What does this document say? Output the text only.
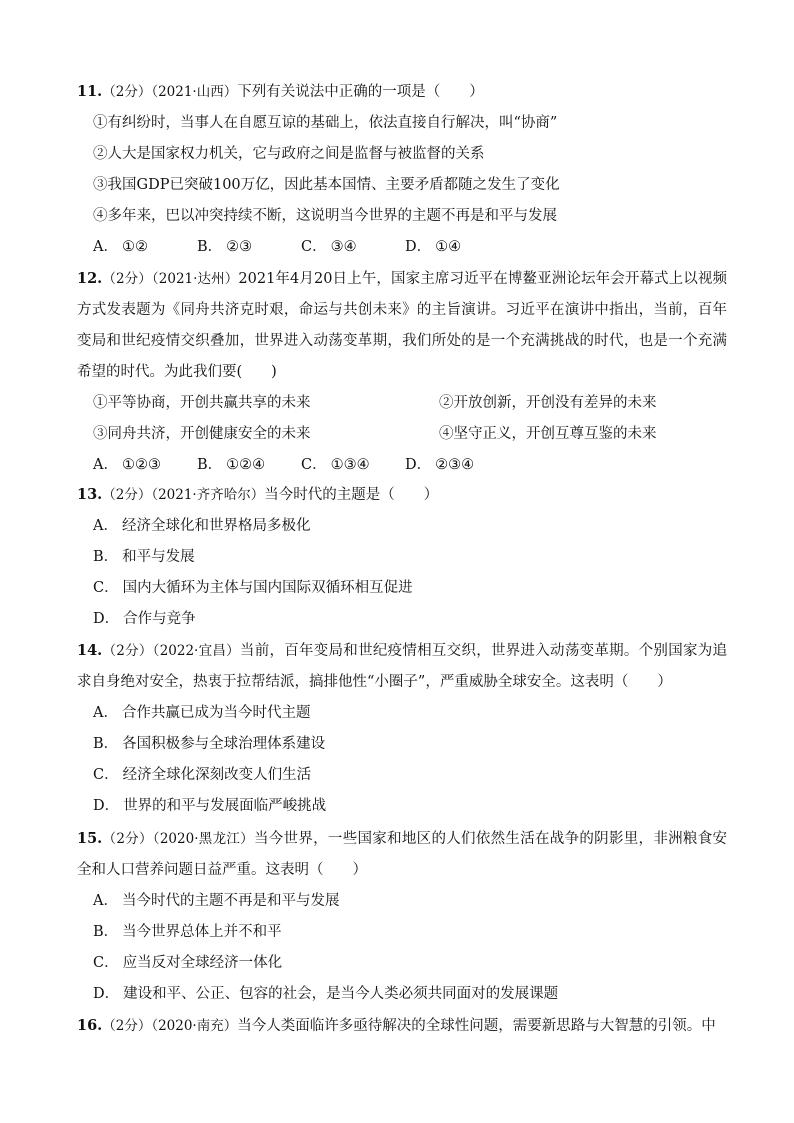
11.（2分）（2021·山西）下列有关说法中正确的一项是（　　）
①有纠纷时，当事人在自愿互谅的基础上，依法直接自行解决，叫“协商”
②人大是国家权力机关，它与政府之间是监督与被监督的关系
③我国GDP已突破100万亿，因此基本国情、主要矛盾都随之发生了变化
④多年来，巴以冲突持续不断，这说明当今世界的主题不再是和平与发展
A． ①②	B． ②③	C． ③④	D． ①④
12.（2分）（2021·达州）2021年4月20日上午，国家主席习近平在博鳌亚洲论坛年会开幕式上以视频方式发表题为《同舟共济克时艰，命运与共创未来》的主旨演讲。习近平在演讲中指出，当前，百年变局和世纪疫情交织叠加，世界进入动荡变革期，我们所处的是一个充满挑战的时代，也是一个充满希望的时代。为此我们要(　　)
①平等协商，开创共赢共享的未来	②开放创新，开创没有差异的未来
③同舟共济，开创健康安全的未来	④坚守正义，开创互尊互鉴的未来
A． ①②③	B． ①②④	C． ①③④	D． ②③④
13.（2分）（2021·齐齐哈尔）当今时代的主题是（　　）
A． 经济全球化和世界格局多极化
B． 和平与发展
C． 国内大循环为主体与国内国际双循环相互促进
D． 合作与竞争
14.（2分）（2022·宜昌）当前，百年变局和世纪疫情相互交织，世界进入动荡变革期。个别国家为追求自身绝对安全，热衷于拉帮结派，搞排他性“小圈子”，严重威胁全球安全。这表明（　　）
A． 合作共赢已成为当今时代主题
B． 各国积极参与全球治理体系建设
C． 经济全球化深刻改变人们生活
D． 世界的和平与发展面临严峻挑战
15.（2分）（2020·黑龙江）当今世界，一些国家和地区的人们依然生活在战争的阴影里，非洲粮食安全和人口营养问题日益严重。这表明（　　）
A． 当今时代的主题不再是和平与发展
B． 当今世界总体上并不和平
C． 应当反对全球经济一体化
D． 建设和平、公正、包容的社会，是当今人类必须共同面对的发展课题
16.（2分）（2020·南充）当今人类面临许多亟待解决的全球性问题，需要新思路与大智慧的引领。中
